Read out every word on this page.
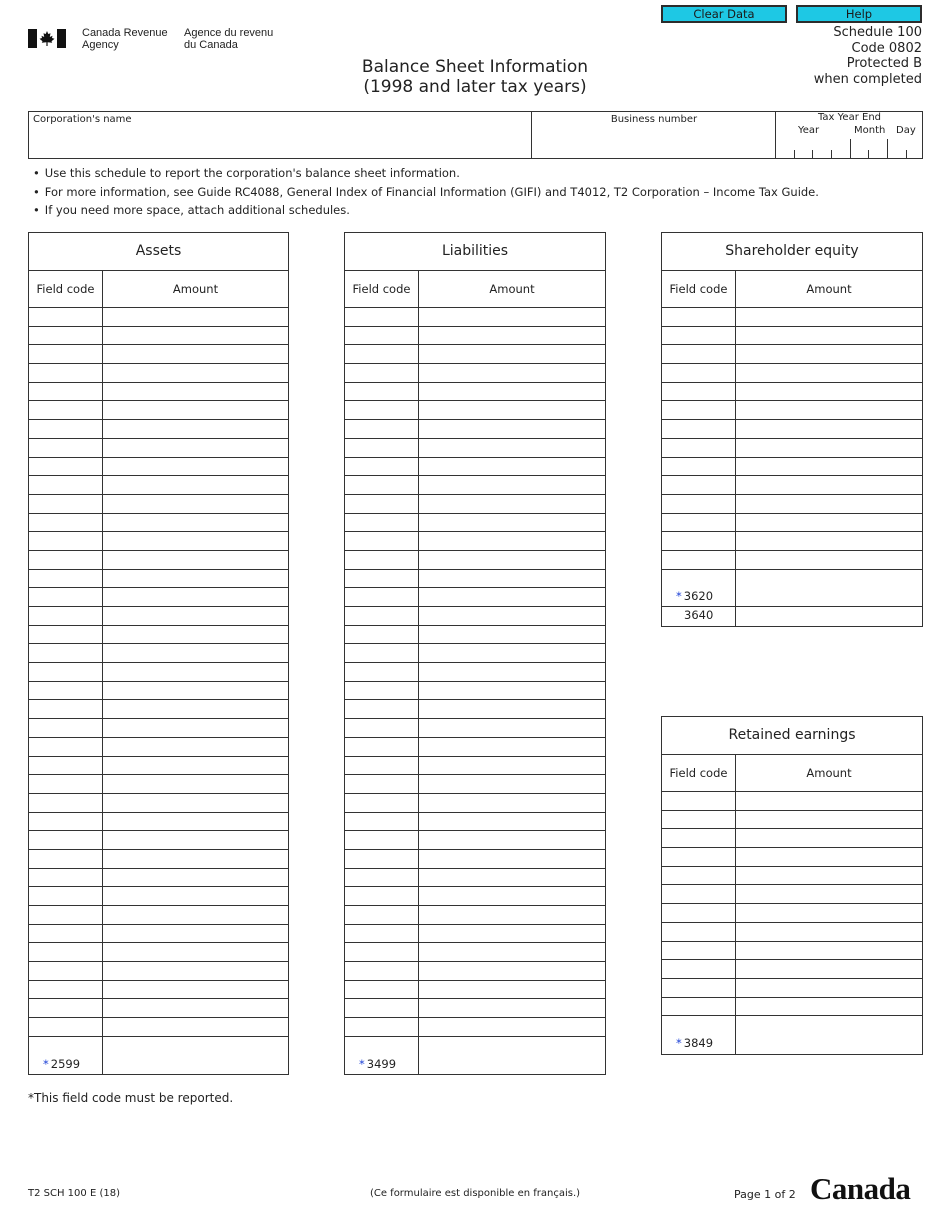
Clear Data	Help
Canada Revenue
Agency
Agence du revenu
du Canada
Balance Sheet Information
(1998 and later tax years)
Schedule 100
Code 0802
Protected B
when completed
Corporation's name	Business number	Tax Year End
Year	Month Day
• Use this schedule to report the corporation's balance sheet information.
• For more information, see Guide RC4088, General Index of Financial Information (GIFI) and T4012, T2 Corporation – Income Tax Guide.
• If you need more space, attach additional schedules.
Assets
Field code	Amount
* 2599
Liabilities
Field code	Amount
* 3499
Shareholder equity
Field code	Amount
* 3620
3640
Retained earnings
Field code	Amount
* 3849
*This field code must be reported.
T2 SCH 100 E (18)	(Ce formulaire est disponible en français.)	Page 1 of 2 Canada
